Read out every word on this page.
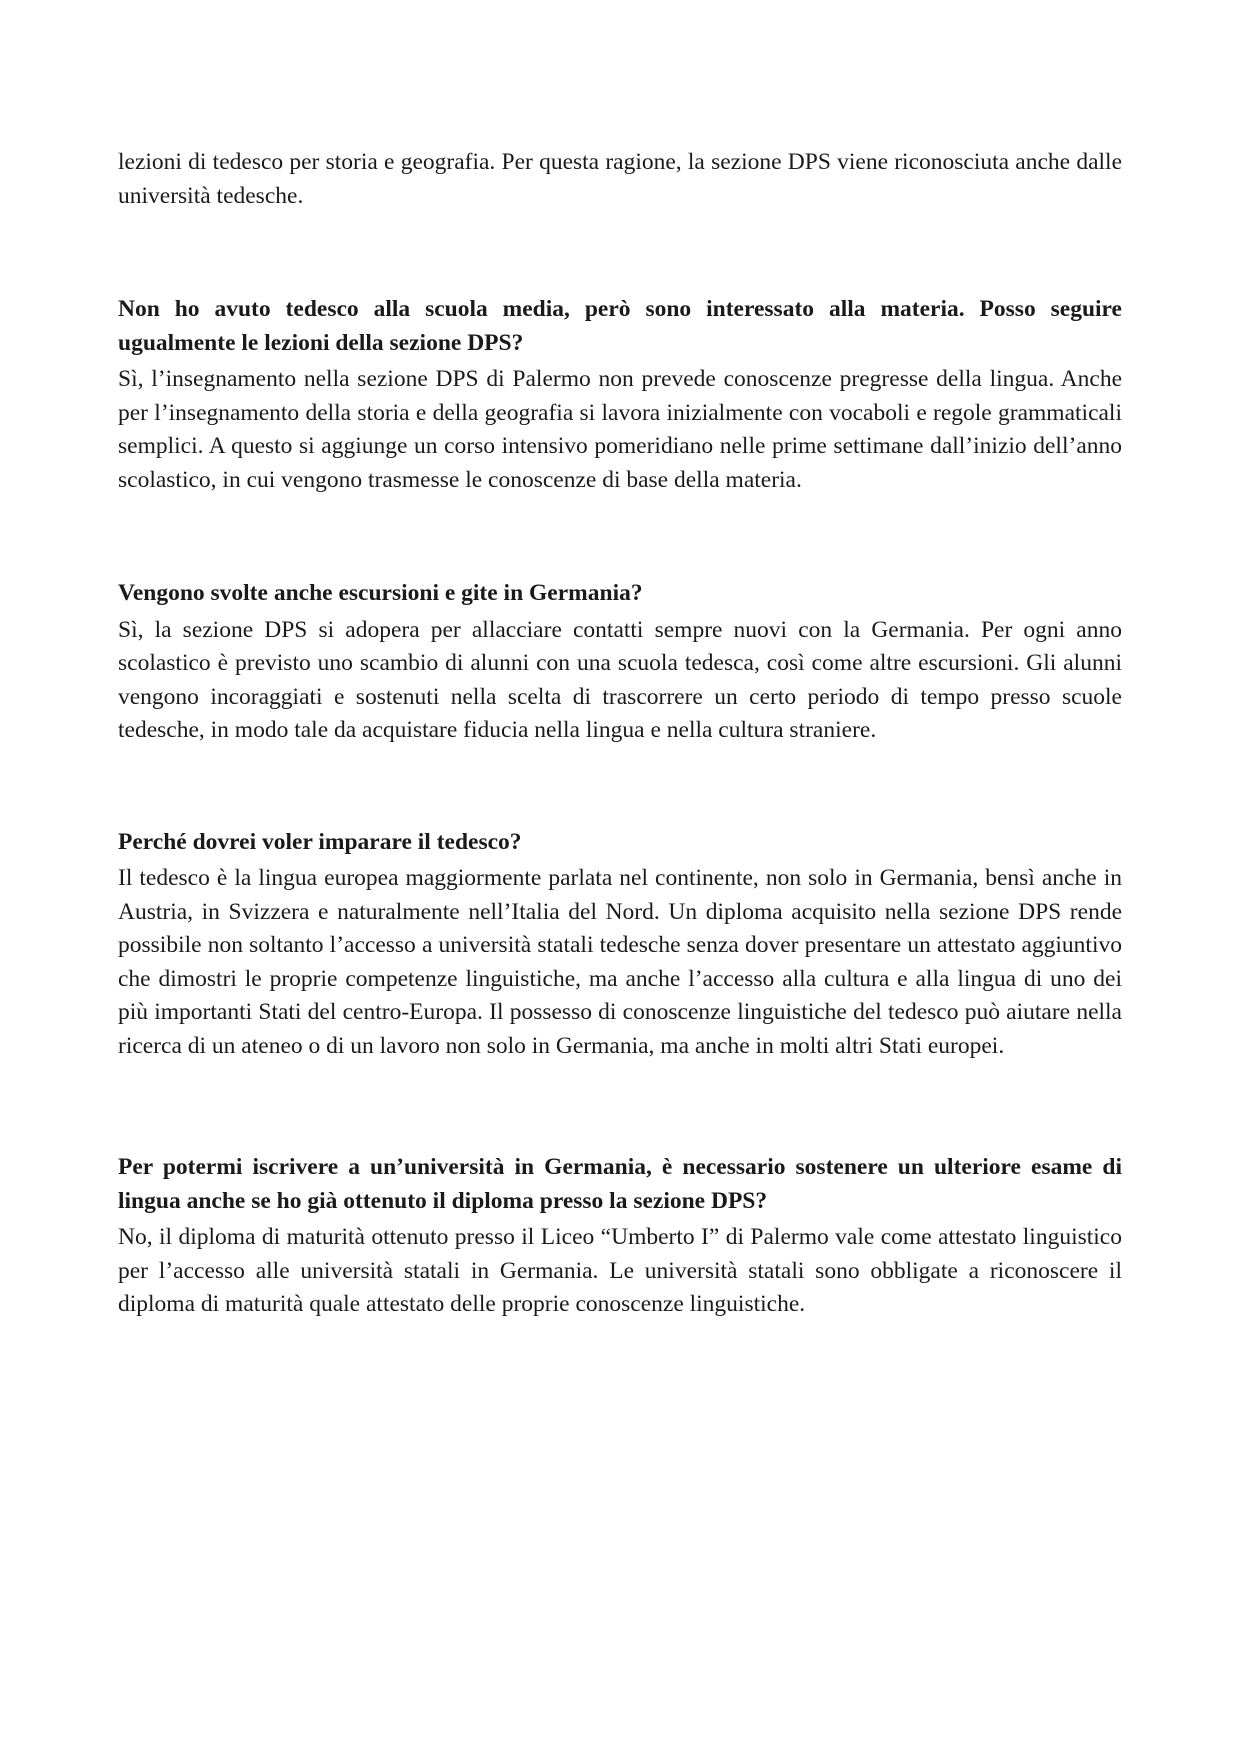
lezioni di tedesco per storia e geografia. Per questa ragione, la sezione DPS viene riconosciuta anche dalle università tedesche.

Non ho avuto tedesco alla scuola media, però sono interessato alla materia. Posso seguire ugualmente le lezioni della sezione DPS?

Sì, l’insegnamento nella sezione DPS di Palermo non prevede conoscenze pregresse della lingua. Anche per l’insegnamento della storia e della geografia si lavora inizialmente con vocaboli e regole grammaticali semplici. A questo si aggiunge un corso intensivo pomeridiano nelle prime settimane dall’inizio dell’anno scolastico, in cui vengono trasmesse le conoscenze di base della materia.

Vengono svolte anche escursioni e gite in Germania?

Sì, la sezione DPS si adopera per allacciare contatti sempre nuovi con la Germania. Per ogni anno scolastico è previsto uno scambio di alunni con una scuola tedesca, così come altre escursioni. Gli alunni vengono incoraggiati e sostenuti nella scelta di trascorrere un certo periodo di tempo presso scuole tedesche, in modo tale da acquistare fiducia nella lingua e nella cultura straniere.

Perché dovrei voler imparare il tedesco?

Il tedesco è la lingua europea maggiormente parlata nel continente, non solo in Germania, bensì anche in Austria, in Svizzera e naturalmente nell’Italia del Nord. Un diploma acquisito nella sezione DPS rende possibile non soltanto l’accesso a università statali tedesche senza dover presentare un attestato aggiuntivo che dimostri le proprie competenze linguistiche, ma anche l’accesso alla cultura e alla lingua di uno dei più importanti Stati del centro-Europa. Il possesso di conoscenze linguistiche del tedesco può aiutare nella ricerca di un ateneo o di un lavoro non solo in Germania, ma anche in molti altri Stati europei.

Per potermi iscrivere a un’università in Germania, è necessario sostenere un ulteriore esame di lingua anche se ho già ottenuto il diploma presso la sezione DPS?

No, il diploma di maturità ottenuto presso il Liceo “Umberto I” di Palermo vale come attestato linguistico per l’accesso alle università statali in Germania. Le università statali sono obbligate a riconoscere il diploma di maturità quale attestato delle proprie conoscenze linguistiche.
